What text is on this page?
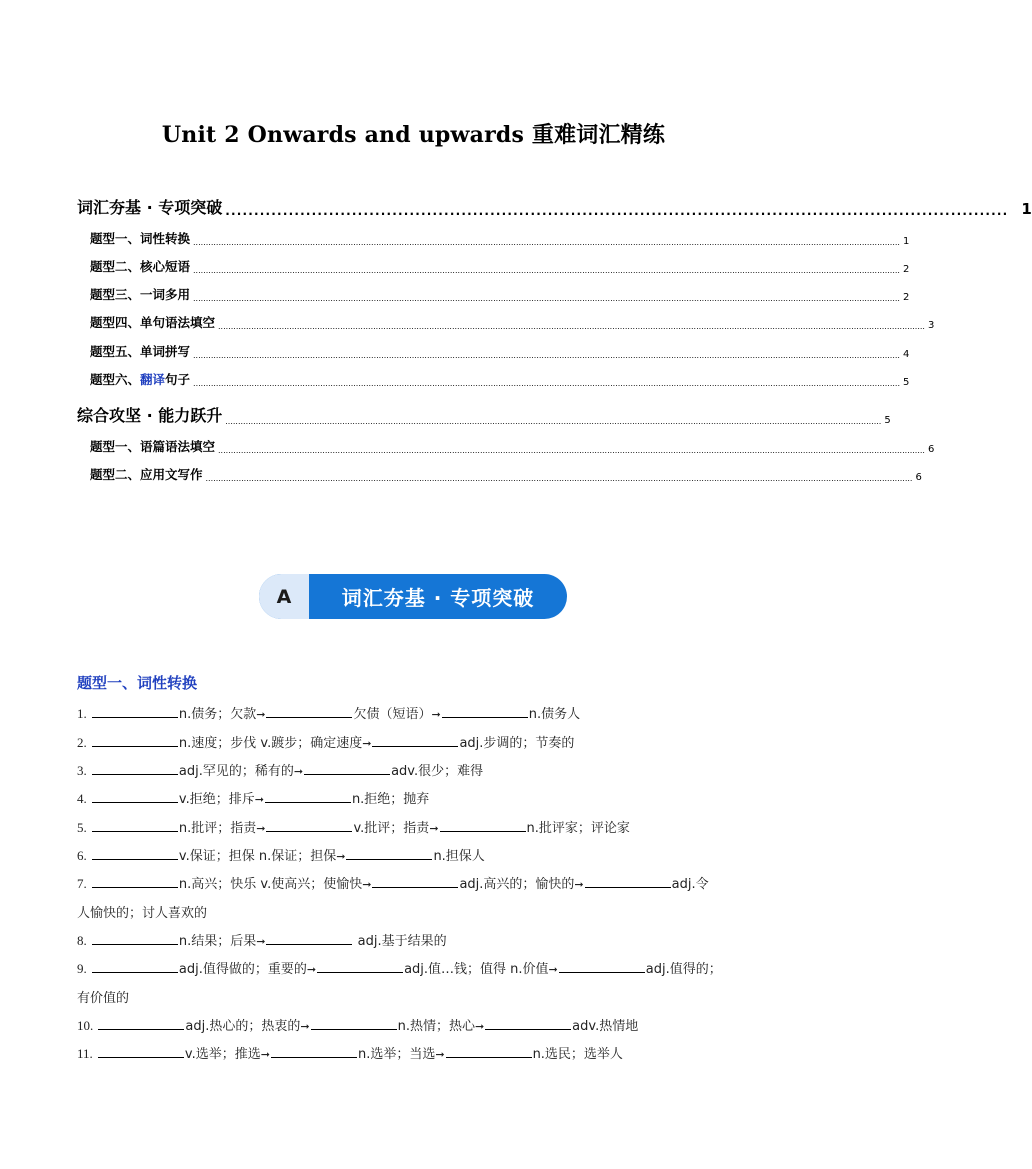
Unit 2 Onwards and upwards 重难词汇精练
词汇夯基 · 专项突破 ........................................................................................................................................ 1
题型一、词性转换 ...................................................................................................................................................................................................................................................................................... 1
题型二、核心短语 ...................................................................................................................................................................................................................................................................................... 2
题型三、一词多用 ...................................................................................................................................................................................................................................................................................... 2
题型四、单句语法填空 ...................................................................................................................................................................................................................................................................................... 3
题型五、单词拼写 ...................................................................................................................................................................................................................................................................................... 4
题型六、翻译句子 ...................................................................................................................................................................................................................................................................................... 5
综合攻坚 · 能力跃升 .................................................................................................................................................................................................................................................................. 5
题型一、语篇语法填空 ...................................................................................................................................................................................................................................................................................... 6
题型二、应用文写作 ...................................................................................................................................................................................................................................................................................... 6
A	词汇夯基 · 专项突破
题型一、词性转换
1.	n.债务；欠款➞	欠债（短语）➞	n.债务人
2.	n.速度；步伐 v.踱步；确定速度➞	adj.步调的；节奏的
3.	adj.罕见的；稀有的➞	adv.很少；难得
4.	v.拒绝；排斥➞	n.拒绝；抛弃
5.	n.批评；指责➞	v.批评；指责➞	n.批评家；评论家
6.	v.保证；担保 n.保证；担保➞	n.担保人
7.	n.高兴；快乐 v.使高兴；使愉快➞	adj.高兴的；愉快的➞	adj.令
人愉快的；讨人喜欢的
8.	n.结果；后果➞	adj.基于结果的
9.	adj.值得做的；重要的➞	adj.值…钱；值得 n.价值➞	adj.值得的；
有价值的
10.	adj.热心的；热衷的➞	n.热情；热心➞	adv.热情地
11.	v.选举；推选➞	n.选举；当选➞	n.选民；选举人
